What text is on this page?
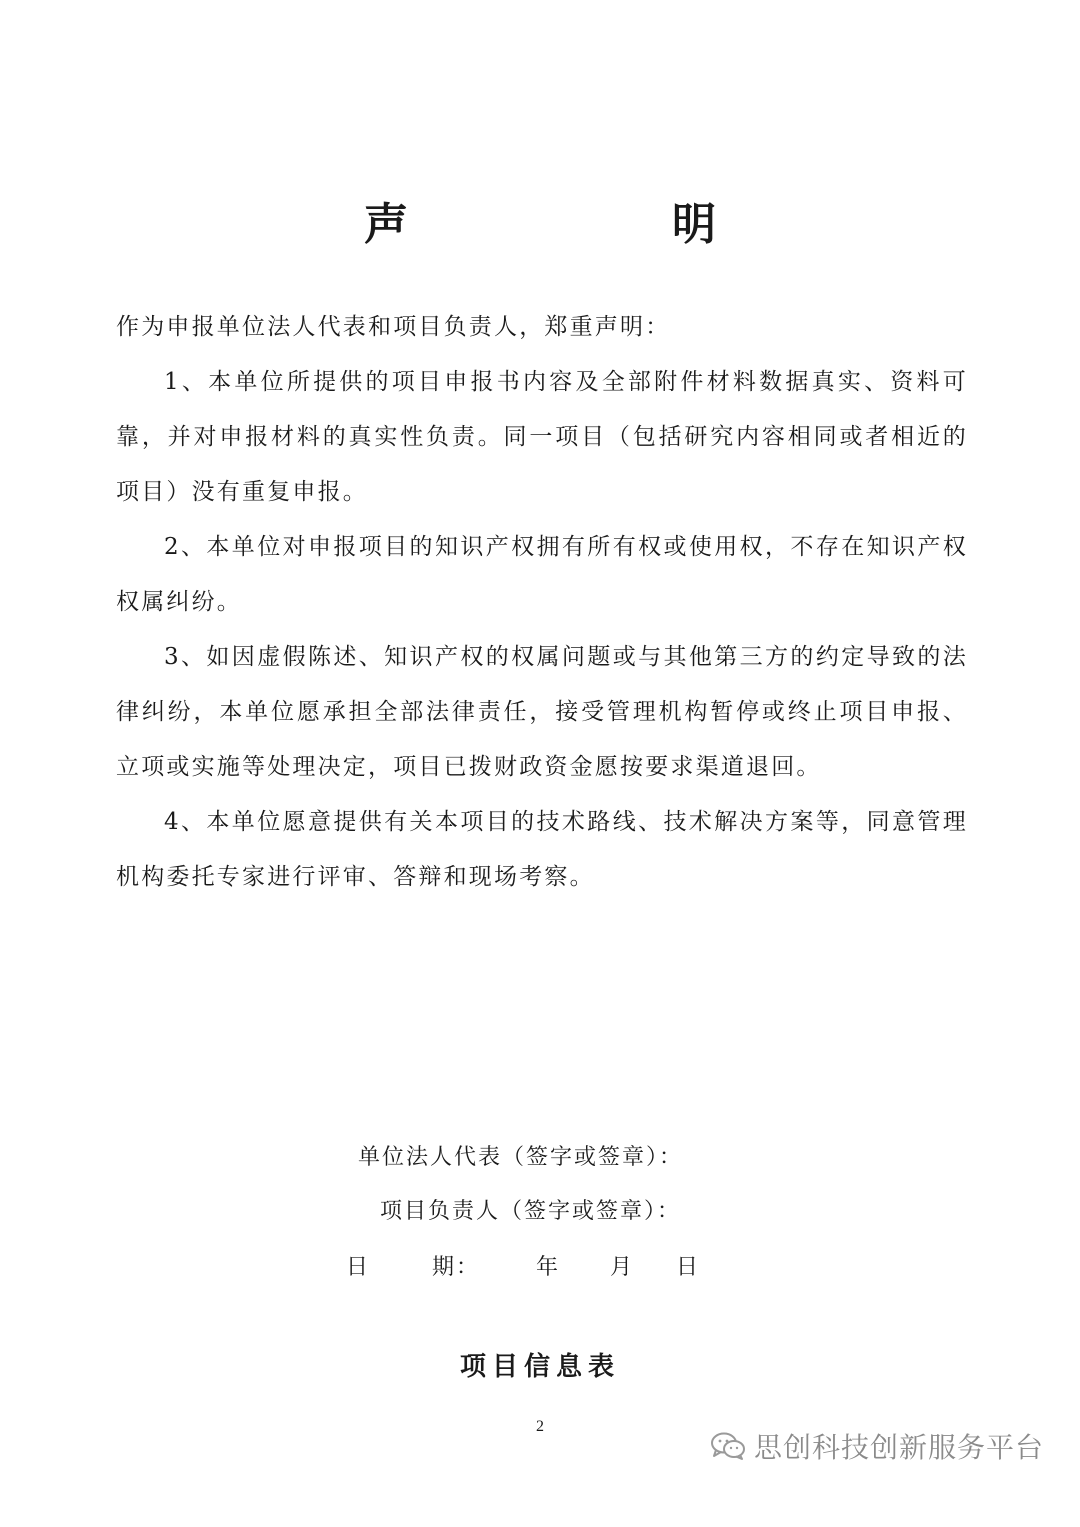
声　明

作为申报单位法人代表和项目负责人，郑重声明：

1、本单位所提供的项目申报书内容及全部附件材料数据真实、资料可靠，并对申报材料的真实性负责。同一项目（包括研究内容相同或者相近的项目）没有重复申报。

2、本单位对申报项目的知识产权拥有所有权或使用权，不存在知识产权权属纠纷。

3、如因虚假陈述、知识产权的权属问题或与其他第三方的约定导致的法律纠纷，本单位愿承担全部法律责任，接受管理机构暂停或终止项目申报、立项或实施等处理决定，项目已拨财政资金愿按要求渠道退回。

4、本单位愿意提供有关本项目的技术路线、技术解决方案等，同意管理机构委托专家进行评审、答辩和现场考察。

单位法人代表（签字或签章）：
项目负责人（签字或签章）：
日	期：	年 月 日
项目信息表
2
思创科技创新服务平台
